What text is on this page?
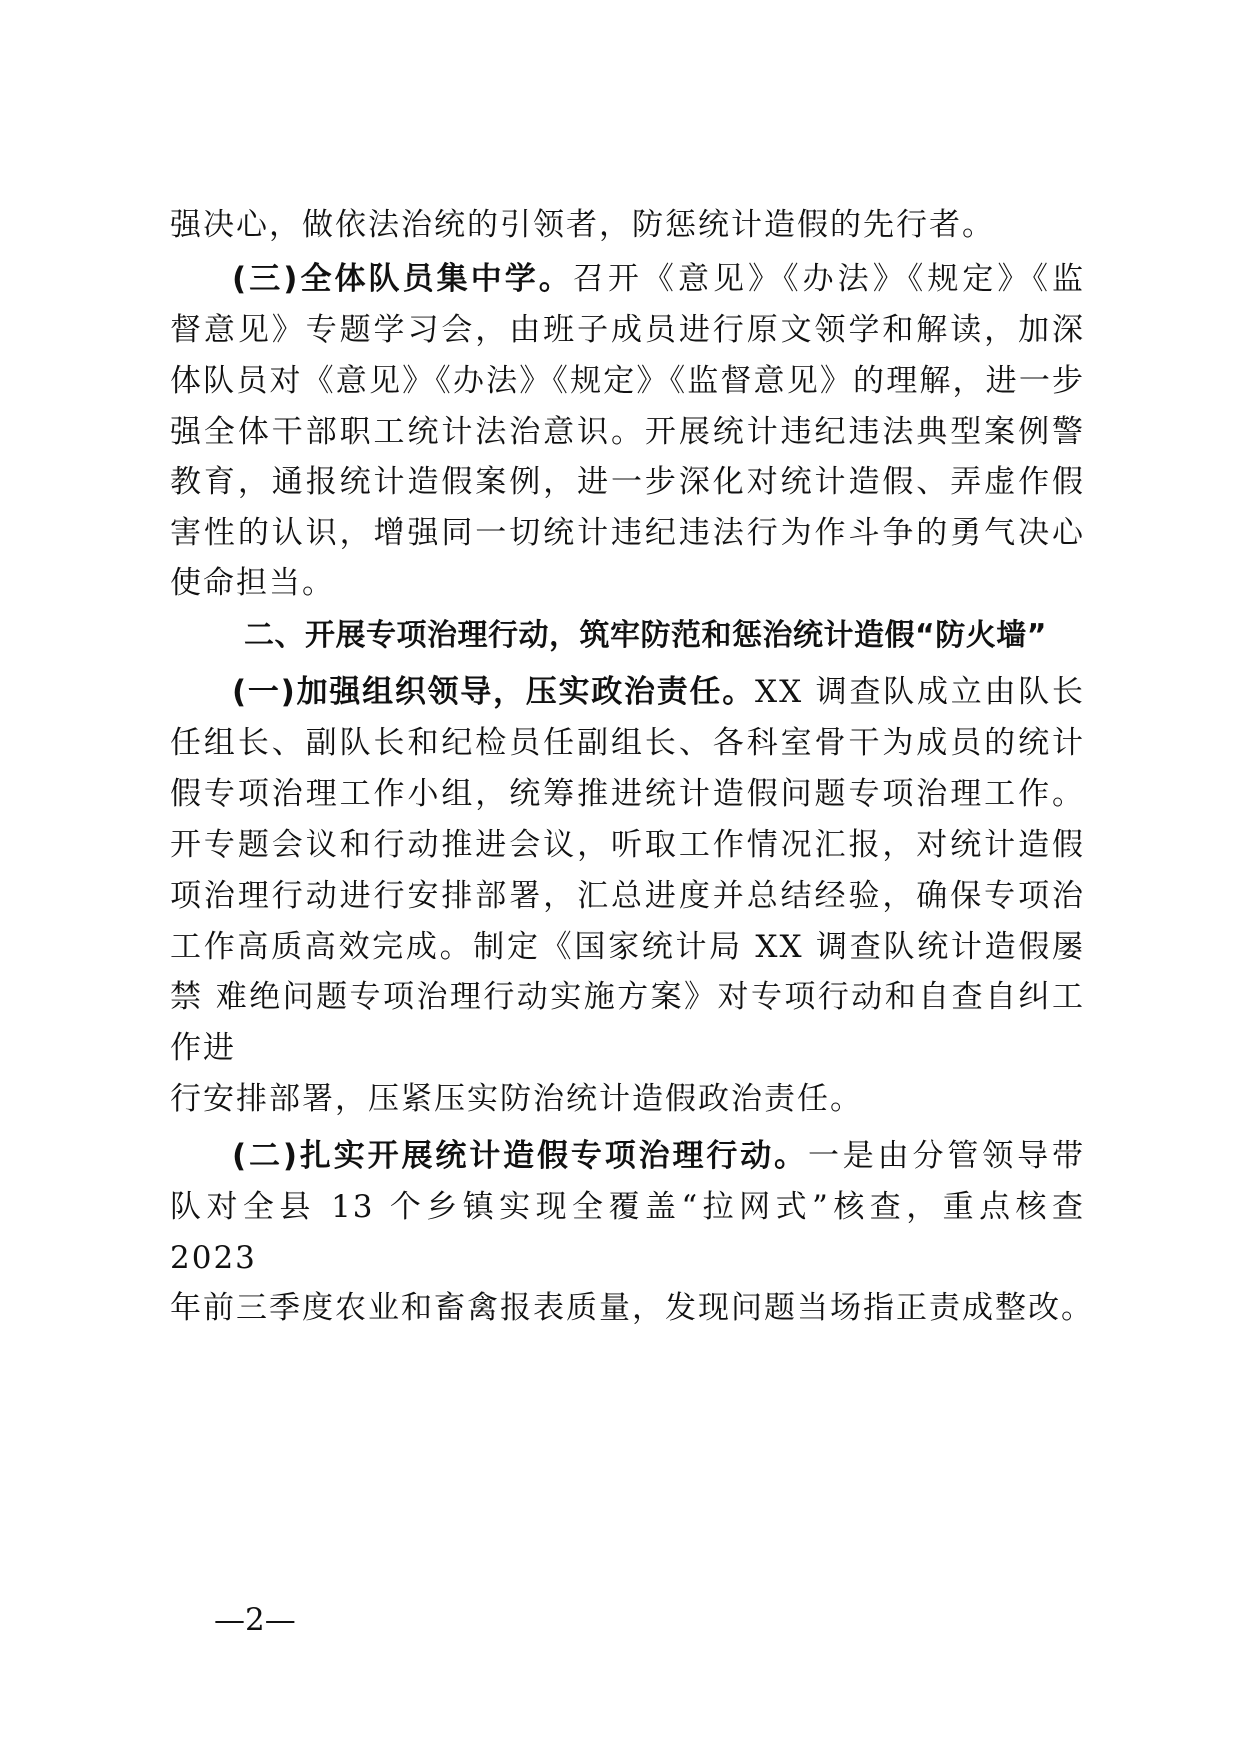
强决心，做依法治统的引领者，防惩统计造假的先行者。
(三)全体队员集中学。召开《意见》《办法》《规定》《监
督意见》专题学习会，由班子成员进行原文领学和解读，加深
体队员对《意见》《办法》《规定》《监督意见》的理解，进一步
强全体干部职工统计法治意识。开展统计违纪违法典型案例警
教育，通报统计造假案例，进一步深化对统计造假、弄虚作假
害性的认识，增强同一切统计违纪违法行为作斗争的勇气决心
使命担当。
二、开展专项治理行动，筑牢防范和惩治统计造假“防火墙”
(一)加强组织领导，压实政治责任。XX 调查队成立由队长
任组长、副队长和纪检员任副组长、各科室骨干为成员的统计
假专项治理工作小组，统筹推进统计造假问题专项治理工作。
开专题会议和行动推进会议，听取工作情况汇报，对统计造假
项治理行动进行安排部署，汇总进度并总结经验，确保专项治
工作高质高效完成。制定《国家统计局 XX 调查队统计造假屡
禁 难绝问题专项治理行动实施方案》对专项行动和自查自纠工
作进
行安排部署，压紧压实防治统计造假政治责任。
(二)扎实开展统计造假专项治理行动。一是由分管领导带
队对全县 13 个乡镇实现全覆盖“拉网式”核查，重点核查
2023
年前三季度农业和畜禽报表质量，发现问题当场指正责成整改。
—2—
